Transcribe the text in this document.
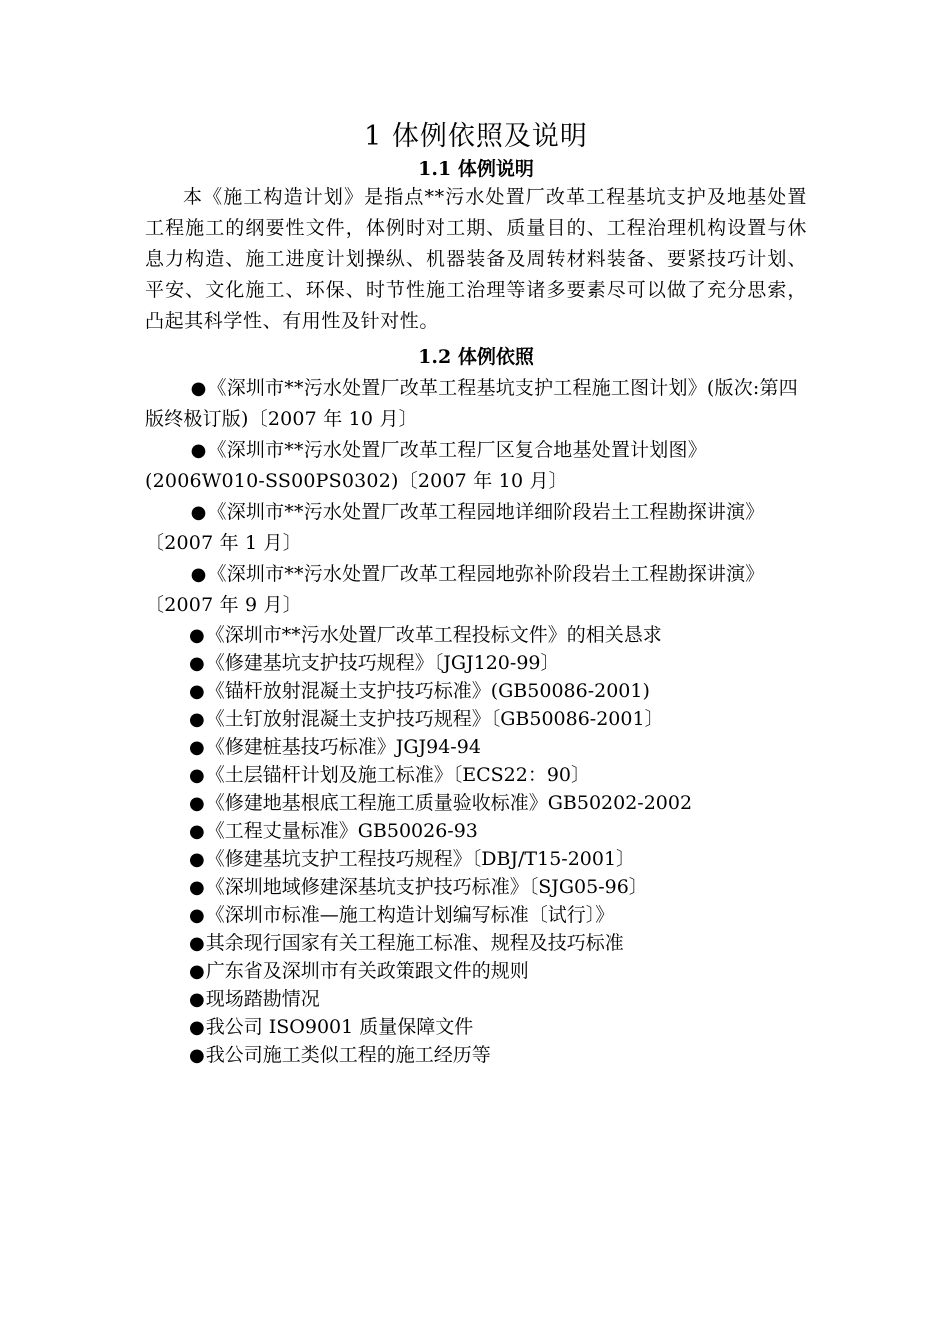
1 体例依照及说明
1.1 体例说明

本《施工构造计划》是指点**污水处置厂改革工程基坑支护及地基处置工程施工的纲要性文件，体例时对工期、质量目的、工程治理机构设置与休息力构造、施工进度计划操纵、机器装备及周转材料装备、要紧技巧计划、平安、文化施工、环保、时节性施工治理等诸多要素尽可以做了充分思索，凸起其科学性、有用性及针对性。

1.2 体例依照

●《深圳市**污水处置厂改革工程基坑支护工程施工图计划》(版次:第四版终极订版)〔2007 年 10 月〕

●《深圳市**污水处置厂改革工程厂区复合地基处置计划图》(2006W010-SS00PS0302)〔2007 年 10 月〕

●《深圳市**污水处置厂改革工程园地详细阶段岩土工程勘探讲演》〔2007 年 1 月〕

●《深圳市**污水处置厂改革工程园地弥补阶段岩土工程勘探讲演》〔2007 年 9 月〕

●《深圳市**污水处置厂改革工程投标文件》的相关恳求

●《修建基坑支护技巧规程》〔JGJ120-99〕

●《锚杆放射混凝土支护技巧标准》(GB50086-2001)

●《土钉放射混凝土支护技巧规程》〔GB50086-2001〕

●《修建桩基技巧标准》JGJ94-94

●《土层锚杆计划及施工标准》〔ECS22：90〕

●《修建地基根底工程施工质量验收标准》GB50202-2002

●《工程丈量标准》GB50026-93

●《修建基坑支护工程技巧规程》〔DBJ/T15-2001〕

●《深圳地域修建深基坑支护技巧标准》〔SJG05-96〕

●《深圳市标准—施工构造计划编写标准〔试行〕》

●其余现行国家有关工程施工标准、规程及技巧标准

●广东省及深圳市有关政策跟文件的规则

●现场踏勘情况

●我公司 ISO9001 质量保障文件

●我公司施工类似工程的施工经历等
